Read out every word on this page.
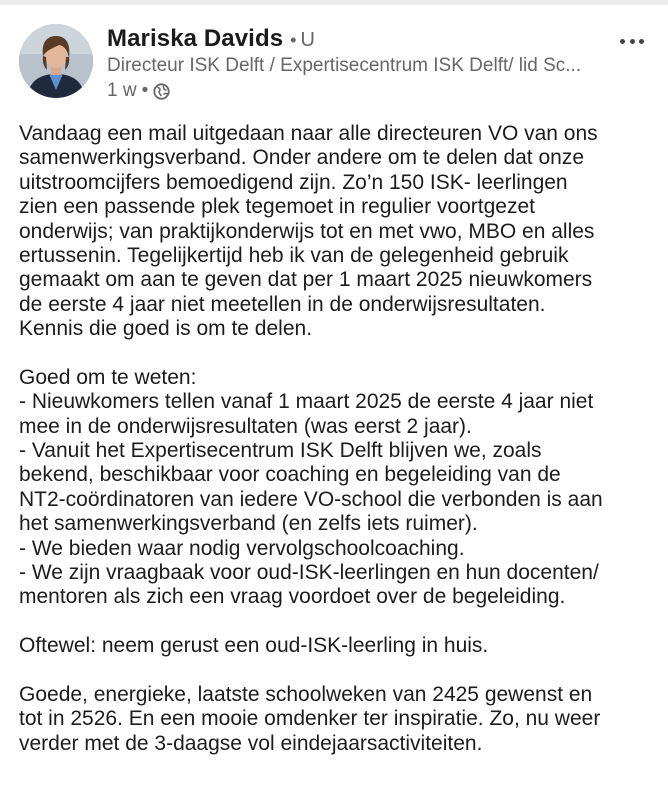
Mariska Davids • U
Directeur ISK Delft / Expertisecentrum ISK Delft/ lid Sc...
1 w •
Vandaag een mail uitgedaan naar alle directeuren VO van ons
samenwerkingsverband. Onder andere om te delen dat onze
uitstroomcijfers bemoedigend zijn. Zo’n 150 ISK- leerlingen
zien een passende plek tegemoet in regulier voortgezet
onderwijs; van praktijkonderwijs tot en met vwo, MBO en alles
ertussenin. Tegelijkertijd heb ik van de gelegenheid gebruik
gemaakt om aan te geven dat per 1 maart 2025 nieuwkomers
de eerste 4 jaar niet meetellen in de onderwijsresultaten.
Kennis die goed is om te delen.
Goed om te weten:
- Nieuwkomers tellen vanaf 1 maart 2025 de eerste 4 jaar niet
mee in de onderwijsresultaten (was eerst 2 jaar).
- Vanuit het Expertisecentrum ISK Delft blijven we, zoals
bekend, beschikbaar voor coaching en begeleiding van de
NT2-coördinatoren van iedere VO-school die verbonden is aan
het samenwerkingsverband (en zelfs iets ruimer).
- We bieden waar nodig vervolgschoolcoaching.
- We zijn vraagbaak voor oud-ISK-leerlingen en hun docenten/
mentoren als zich een vraag voordoet over de begeleiding.
Oftewel: neem gerust een oud-ISK-leerling in huis.
Goede, energieke, laatste schoolweken van 2425 gewenst en
tot in 2526. En een mooie omdenker ter inspiratie. Zo, nu weer
verder met de 3-daagse vol eindejaarsactiviteiten.
